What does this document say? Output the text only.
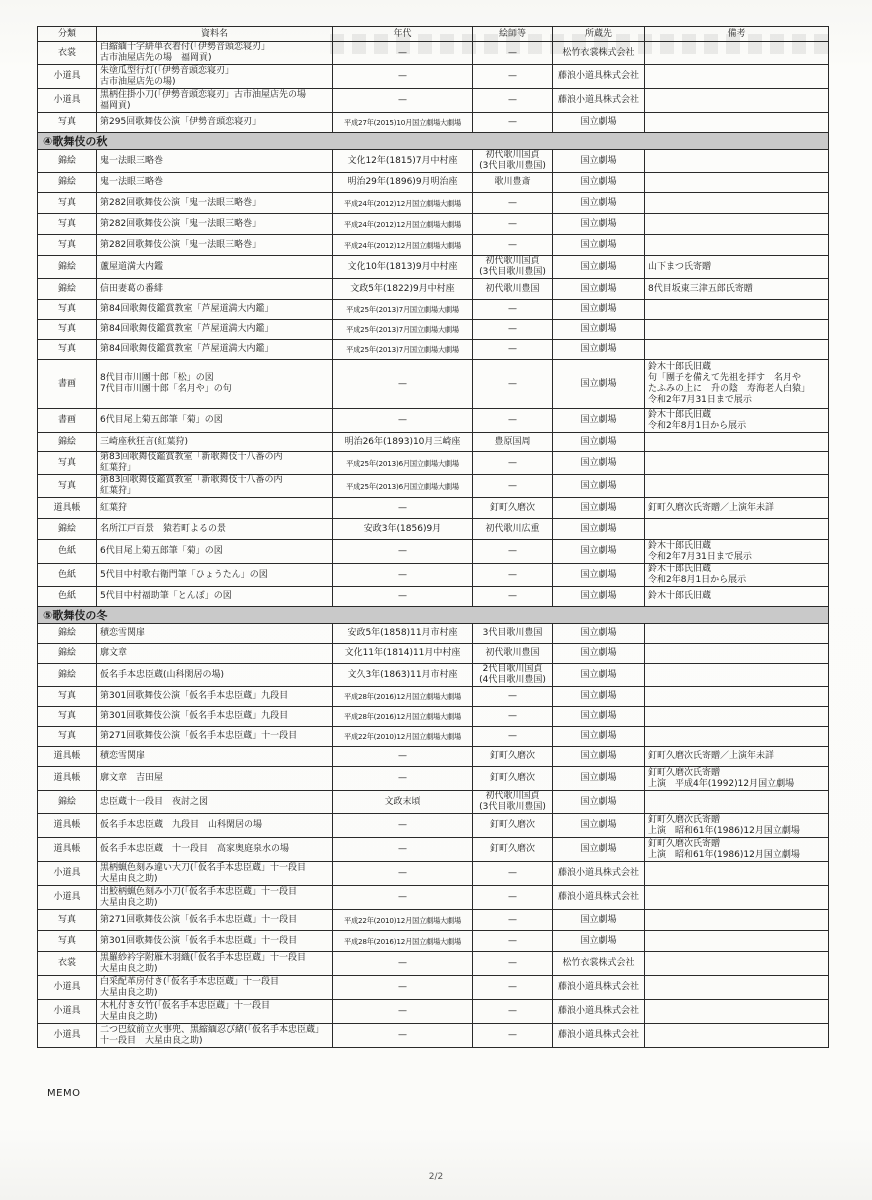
分類	資料名	年代	絵師等	所蔵先	備考
衣裳	白縮緬十字絣単衣着付(「伊勢音頭恋寝刃」
古市油屋店先の場　福岡貢)	—	—	松竹衣裳株式会社	
小道具	朱塗瓜型行灯(「伊勢音頭恋寝刃」
古市油屋店先の場)	—	—	藤浪小道具株式会社	
小道具	黒柄住掛小刀(「伊勢音頭恋寝刃」古市油屋店先の場
福岡貢)	—	—	藤浪小道具株式会社	
写真	第295回歌舞伎公演「伊勢音頭恋寝刃」	平成27年(2015)10月国立劇場大劇場	—	国立劇場	
④歌舞伎の秋					
錦絵	鬼一法眼三略巻	文化12年(1815)7月中村座	初代歌川国貞
(3代目歌川豊国)	国立劇場	
錦絵	鬼一法眼三略巻	明治29年(1896)9月明治座	歌川豊斎	国立劇場	
写真	第282回歌舞伎公演「鬼一法眼三略巻」	平成24年(2012)12月国立劇場大劇場	—	国立劇場	
写真	第282回歌舞伎公演「鬼一法眼三略巻」	平成24年(2012)12月国立劇場大劇場	—	国立劇場	
写真	第282回歌舞伎公演「鬼一法眼三略巻」	平成24年(2012)12月国立劇場大劇場	—	国立劇場	
錦絵	蘆屋道満大内鑑	文化10年(1813)9月中村座	初代歌川国貞
(3代目歌川豊国)	国立劇場	山下まつ氏寄贈
錦絵	信田妻葛の番緋	文政5年(1822)9月中村座	初代歌川豊国	国立劇場	8代目坂東三津五郎氏寄贈
写真	第84回歌舞伎鑑賞教室「芦屋道満大内鑑」	平成25年(2013)7月国立劇場大劇場	—	国立劇場	
写真	第84回歌舞伎鑑賞教室「芦屋道満大内鑑」	平成25年(2013)7月国立劇場大劇場	—	国立劇場	
写真	第84回歌舞伎鑑賞教室「芦屋道満大内鑑」	平成25年(2013)7月国立劇場大劇場	—	国立劇場	
書画	8代目市川團十郎「松」の図
7代目市川團十郎「名月や」の句	—	—	国立劇場	鈴木十郎氏旧蔵
句「團子を備えて先祖を拝す　名月や
たふみの上に　升の陰　寿海老人白猿」
令和2年7月31日まで展示
書画	6代目尾上菊五郎筆「菊」の図	—	—	国立劇場	鈴木十郎氏旧蔵
令和2年8月1日から展示
錦絵	三崎座秋狂言(紅葉狩)	明治26年(1893)10月三崎座	豊原国周	国立劇場	
写真	第83回歌舞伎鑑賞教室「新歌舞伎十八番の内
紅葉狩」	平成25年(2013)6月国立劇場大劇場	—	国立劇場	
写真	第83回歌舞伎鑑賞教室「新歌舞伎十八番の内
紅葉狩」	平成25年(2013)6月国立劇場大劇場	—	国立劇場	
道具帳	紅葉狩	—	釘町久磨次	国立劇場	釘町久磨次氏寄贈／上演年未詳
錦絵	名所江戸百景　猿若町よるの景	安政3年(1856)9月	初代歌川広重	国立劇場	
色紙	6代目尾上菊五郎筆「菊」の図	—	—	国立劇場	鈴木十郎氏旧蔵
令和2年7月31日まで展示
色紙	5代目中村歌右衛門筆「ひょうたん」の図	—	—	国立劇場	鈴木十郎氏旧蔵
令和2年8月1日から展示
色紙	5代目中村福助筆「とんぼ」の図	—	—	国立劇場	鈴木十郎氏旧蔵
⑤歌舞伎の冬					
錦絵	積恋雪関扉	安政5年(1858)11月市村座	3代目歌川豊国	国立劇場	
錦絵	廓文章	文化11年(1814)11月中村座	初代歌川豊国	国立劇場	
錦絵	仮名手本忠臣蔵(山科閑居の場)	文久3年(1863)11月市村座	2代目歌川国貞
(4代目歌川豊国)	国立劇場	
写真	第301回歌舞伎公演「仮名手本忠臣蔵」九段目	平成28年(2016)12月国立劇場大劇場	—	国立劇場	
写真	第301回歌舞伎公演「仮名手本忠臣蔵」九段目	平成28年(2016)12月国立劇場大劇場	—	国立劇場	
写真	第271回歌舞伎公演「仮名手本忠臣蔵」十一段目	平成22年(2010)12月国立劇場大劇場	—	国立劇場	
道具帳	積恋雪関扉	—	釘町久磨次	国立劇場	釘町久磨次氏寄贈／上演年未詳
道具帳	廓文章　吉田屋	—	釘町久磨次	国立劇場	釘町久磨次氏寄贈
上演　平成4年(1992)12月国立劇場
錦絵	忠臣蔵十一段目　夜討之図	文政末頃	初代歌川国貞
(3代目歌川豊国)	国立劇場	
道具帳	仮名手本忠臣蔵　九段目　山科閑居の場	—	釘町久磨次	国立劇場	釘町久磨次氏寄贈
上演　昭和61年(1986)12月国立劇場
道具帳	仮名手本忠臣蔵　十一段目　高家奥庭泉水の場	—	釘町久磨次	国立劇場	釘町久磨次氏寄贈
上演　昭和61年(1986)12月国立劇場
小道具	黒柄蝋色刻み違い大刀(「仮名手本忠臣蔵」十一段目
大星由良之助)	—	—	藤浪小道具株式会社	
小道具	出鮫柄蝋色刻み小刀(「仮名手本忠臣蔵」十一段目
大星由良之助)	—	—	藤浪小道具株式会社	
写真	第271回歌舞伎公演「仮名手本忠臣蔵」十一段目	平成22年(2010)12月国立劇場大劇場	—	国立劇場	
写真	第301回歌舞伎公演「仮名手本忠臣蔵」十一段目	平成28年(2016)12月国立劇場大劇場	—	国立劇場	
衣裳	黒羅紗衿字附雁木羽織(「仮名手本忠臣蔵」十一段目
大星由良之助)	—	—	松竹衣裳株式会社	
小道具	白采配革房付き(「仮名手本忠臣蔵」十一段目
大星由良之助)	—	—	藤浪小道具株式会社	
小道具	木札付き女竹(「仮名手本忠臣蔵」十一段目
大星由良之助)	—	—	藤浪小道具株式会社	
小道具	二つ巴紋前立火事兜、黒縮緬忍び緒(「仮名手本忠臣蔵」
十一段目　大星由良之助)	—	—	藤浪小道具株式会社	
MEMO
2/2
